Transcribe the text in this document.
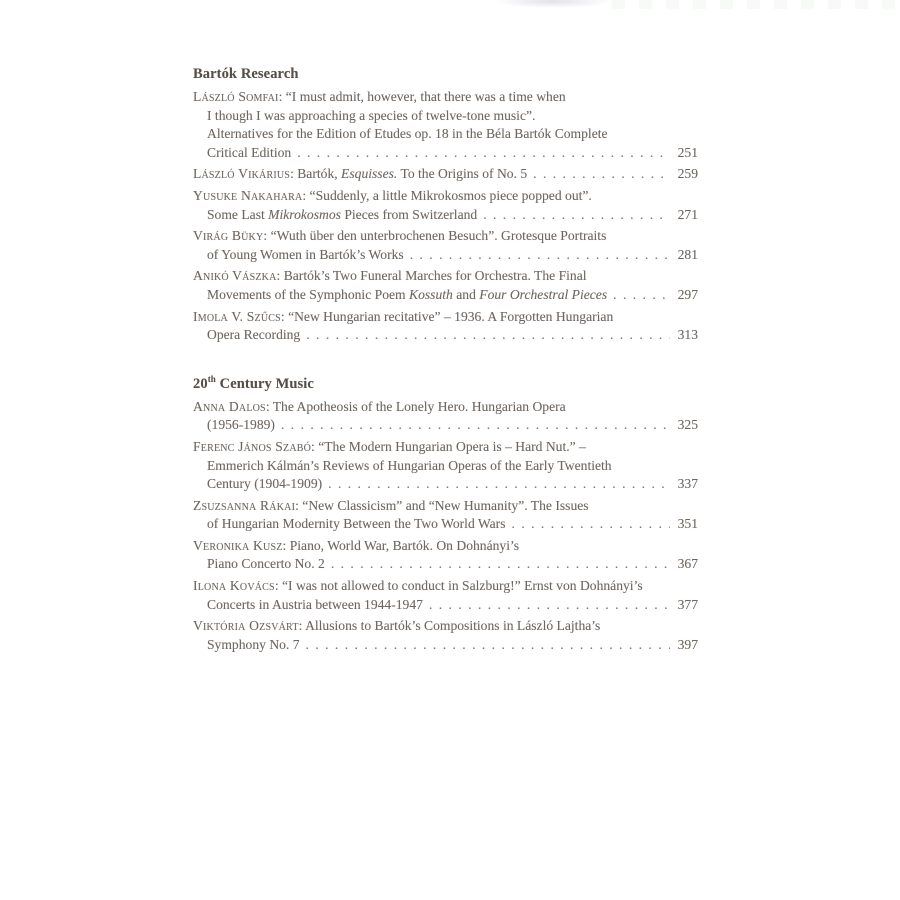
Bartók Research
László Somfai: “I must admit, however, that there was a time when
I though I was approaching a species of twelve-tone music”.
Alternatives for the Edition of Etudes op. 18 in the Béla Bartók Complete
Critical Edition . . .	251
László Vikárius: Bartók, Esquisses. To the Origins of No. 5 . . .	259
Yusuke Nakahara: “Suddenly, a little Mikrokosmos piece popped out”.
Some Last Mikrokosmos Pieces from Switzerland . . .	271
Virág Büky: “Wuth über den unterbrochenen Besuch”. Grotesque Portraits
of Young Women in Bartók’s Works . . .	281
Anikó Vászka: Bartók’s Two Funeral Marches for Orchestra. The Final
Movements of the Symphonic Poem Kossuth and Four Orchestral Pieces . . .	297
Imola V. Szűcs: “New Hungarian recitative” – 1936. A Forgotten Hungarian
Opera Recording . . .	313
20th Century Music
Anna Dalos: The Apotheosis of the Lonely Hero. Hungarian Opera
(1956-1989) . . .	325
Ferenc János Szabó: “The Modern Hungarian Opera is – Hard Nut.” –
Emmerich Kálmán’s Reviews of Hungarian Operas of the Early Twentieth
Century (1904-1909) . . .	337
Zsuzsanna Rákai: “New Classicism” and “New Humanity”. The Issues
of Hungarian Modernity Between the Two World Wars . . .	351
Veronika Kusz: Piano, World War, Bartók. On Dohnányi’s
Piano Concerto No. 2 . . .	367
Ilona Kovács: “I was not allowed to conduct in Salzburg!” Ernst von Dohnányi’s
Concerts in Austria between 1944-1947 . . .	377
Viktória Ozsvárt: Allusions to Bartók’s Compositions in László Lajtha’s
Symphony No. 7 . . .	397
